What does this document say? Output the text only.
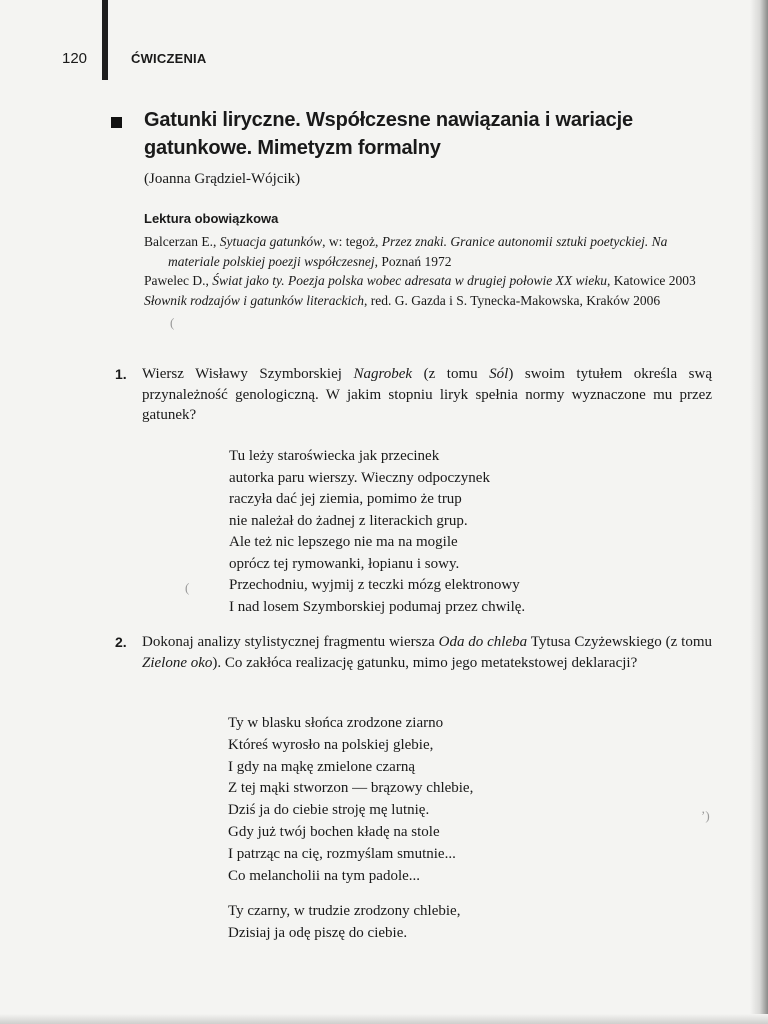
120	ĆWICZENIA
Gatunki liryczne. Współczesne nawiązania i wariacje
gatunkowe. Mimetyzm formalny
(Joanna Grądziel-Wójcik)
Lektura obowiązkowa

Balcerzan E., Sytuacja gatunków, w: tegoż, Przez znaki. Granice autonomii sztuki poetyckiej. Na materiale polskiej poezji współczesnej, Poznań 1972

Pawelec D., Świat jako ty. Poezja polska wobec adresata w drugiej połowie XX wieku, Katowice 2003

Słownik rodzajów i gatunków literackich, red. G. Gazda i S. Tynecka-Makowska, Kraków 2006

1. Wiersz Wisławy Szymborskiej Nagrobek (z tomu Sól) swoim tytułem określa swą przynależność genologiczną. W jakim stopniu liryk spełnia normy wyznaczone mu przez gatunek?
Tu leży staroświecka jak przecinek
autorka paru wierszy. Wieczny odpoczynek
raczyła dać jej ziemia, pomimo że trup
nie należał do żadnej z literackich grup.
Ale też nic lepszego nie ma na mogile
oprócz tej rymowanki, łopianu i sowy.
Przechodniu, wyjmij z teczki mózg elektronowy
I nad losem Szymborskiej podumaj przez chwilę.
2. Dokonaj analizy stylistycznej fragmentu wiersza Oda do chleba Tytusa Czyżewskiego (z tomu Zielone oko). Co zakłóca realizację gatunku, mimo jego metatekstowej deklaracji?
Ty w blasku słońca zrodzone ziarno
Któreś wyrosło na polskiej glebie,
I gdy na mąkę zmielone czarną
Z tej mąki stworzon — brązowy chlebie,
Dziś ja do ciebie stroję mę lutnię.
Gdy już twój bochen kładę na stole
I patrząc na cię, rozmyślam smutnie...
Co melancholii na tym padole...
Ty czarny, w trudzie zrodzony chlebie,
Dzisiaj ja odę piszę do ciebie.
(
’)
(
